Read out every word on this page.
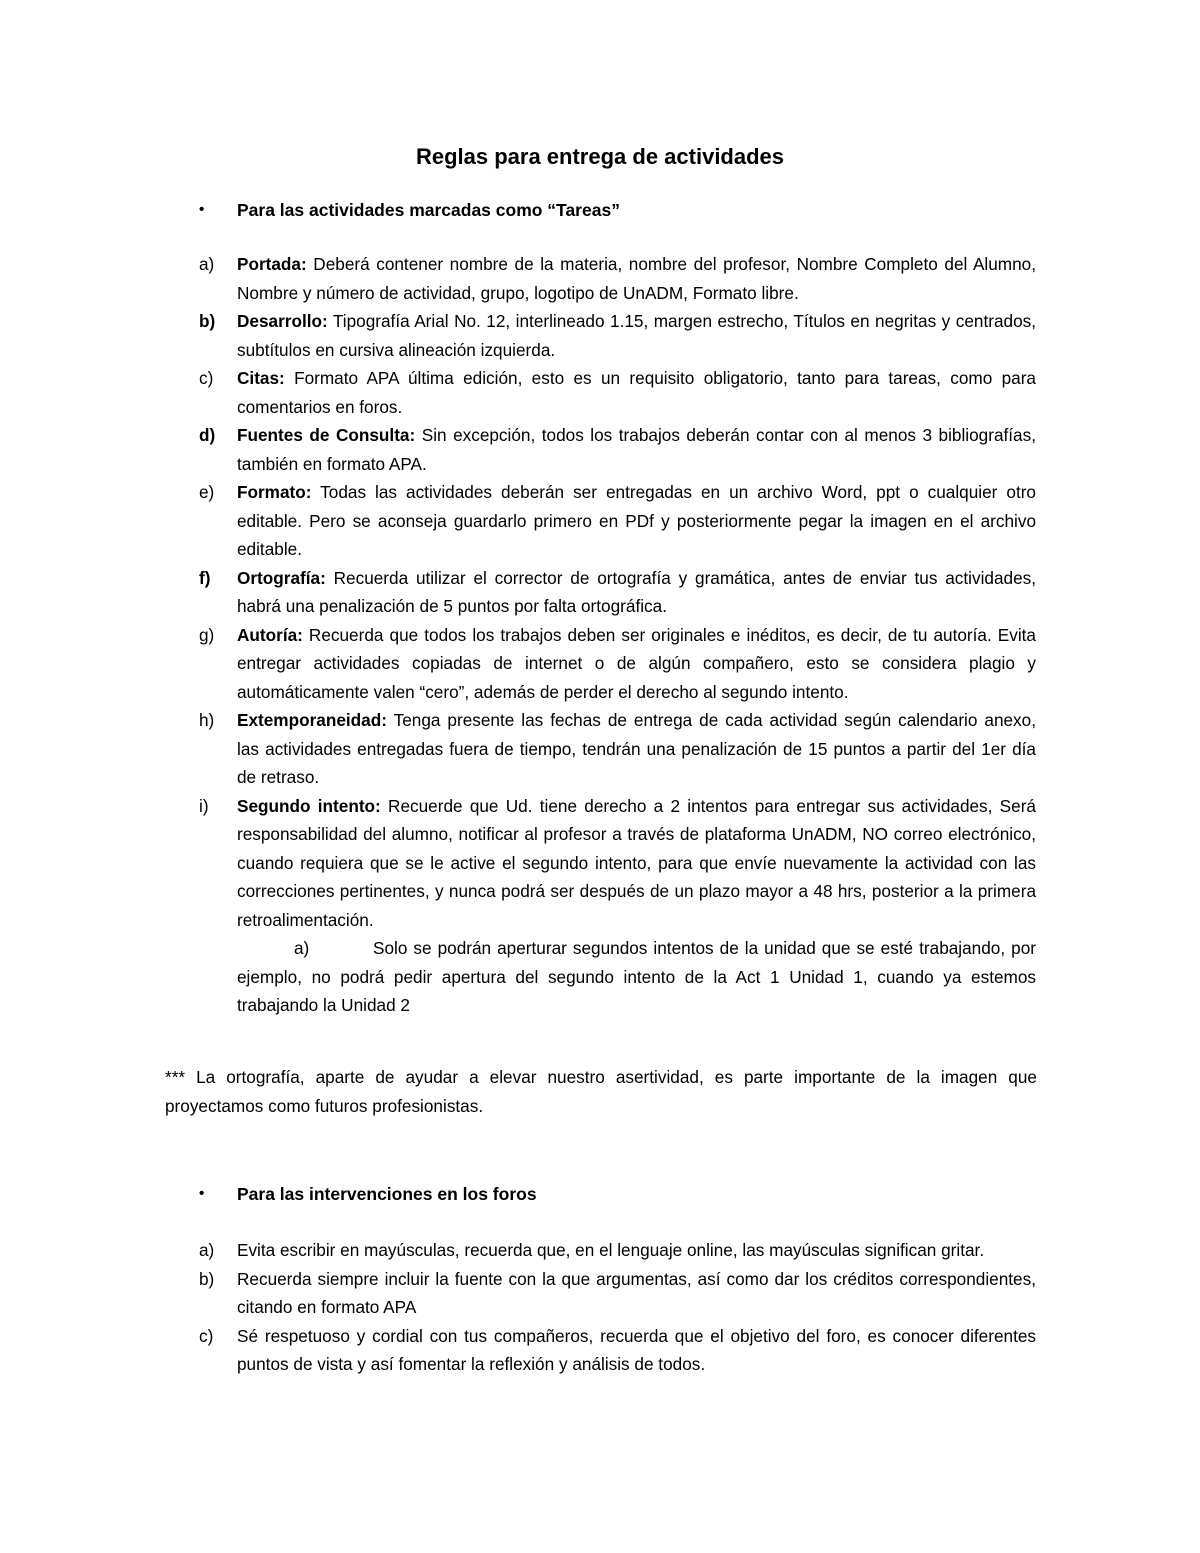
Reglas para entrega de actividades
•	Para las actividades marcadas como “Tareas”

a)	Portada: Deberá contener nombre de la materia, nombre del profesor, Nombre Completo del Alumno, Nombre y número de actividad, grupo, logotipo de UnADM, Formato libre.

b)	Desarrollo: Tipografía Arial No. 12, interlineado 1.15, margen estrecho, Títulos en negritas y centrados, subtítulos en cursiva alineación izquierda.

c)	Citas: Formato APA última edición, esto es un requisito obligatorio, tanto para tareas, como para comentarios en foros.

d)	Fuentes de Consulta: Sin excepción, todos los trabajos deberán contar con al menos 3 bibliografías, también en formato APA.

e)	Formato: Todas las actividades deberán ser entregadas en un archivo Word, ppt o cualquier otro editable. Pero se aconseja guardarlo primero en PDf y posteriormente pegar la imagen en el archivo editable.

f)	Ortografía: Recuerda utilizar el corrector de ortografía y gramática, antes de enviar tus actividades, habrá una penalización de 5 puntos por falta ortográfica.

g)	Autoría: Recuerda que todos los trabajos deben ser originales e inéditos, es decir, de tu autoría. Evita entregar actividades copiadas de internet o de algún compañero, esto se considera plagio y automáticamente valen “cero”, además de perder el derecho al segundo intento.

h)	Extemporaneidad: Tenga presente las fechas de entrega de cada actividad según calendario anexo, las actividades entregadas fuera de tiempo, tendrán una penalización de 15 puntos a partir del 1er día de retraso.

i)	Segundo intento: Recuerde que Ud. tiene derecho a 2 intentos para entregar sus actividades, Será responsabilidad del alumno, notificar al profesor a través de plataforma UnADM, NO correo electrónico, cuando requiera que se le active el segundo intento, para que envíe nuevamente la actividad con las correcciones pertinentes, y nunca podrá ser después de un plazo mayor a 48 hrs, posterior a la primera retroalimentación.

a)	Solo se podrán aperturar segundos intentos de la unidad que se esté trabajando, por ejemplo, no podrá pedir apertura del segundo intento de la Act 1 Unidad 1, cuando ya estemos trabajando la Unidad 2

*** La ortografía, aparte de ayudar a elevar nuestro asertividad, es parte importante de la imagen que proyectamos como futuros profesionistas.
•	Para las intervenciones en los foros

a)	Evita escribir en mayúsculas, recuerda que, en el lenguaje online, las mayúsculas significan gritar.

b)	Recuerda siempre incluir la fuente con la que argumentas, así como dar los créditos correspondientes, citando en formato APA

c)	Sé respetuoso y cordial con tus compañeros, recuerda que el objetivo del foro, es conocer diferentes puntos de vista y así fomentar la reflexión y análisis de todos.
